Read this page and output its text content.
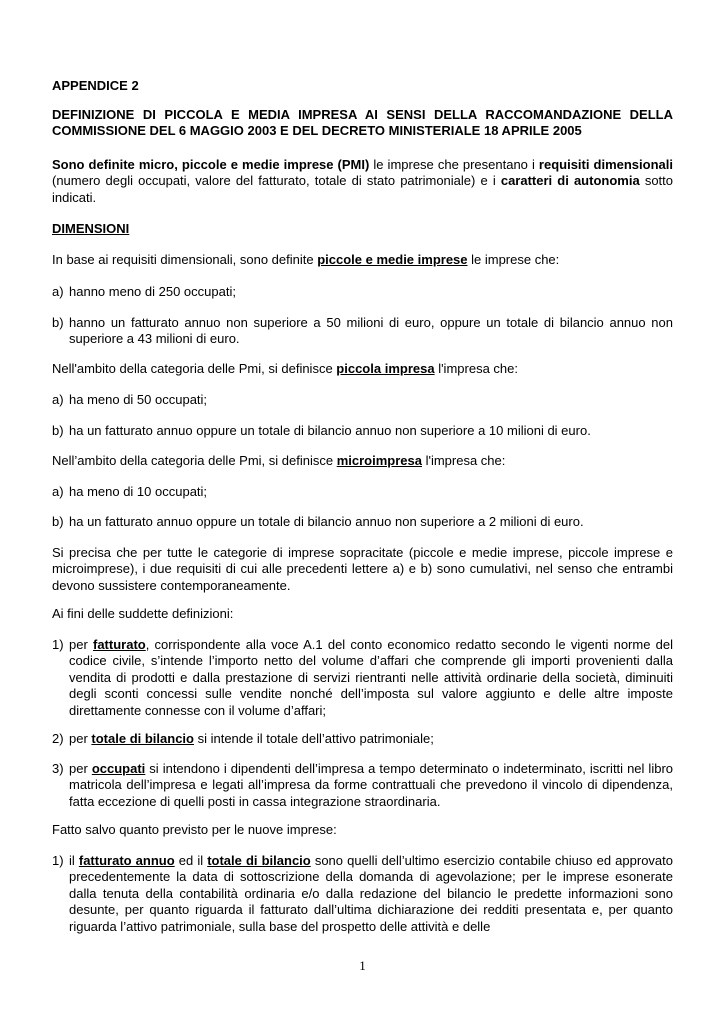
APPENDICE 2

DEFINIZIONE DI PICCOLA E MEDIA IMPRESA AI SENSI DELLA RACCOMANDAZIONE DELLA COMMISSIONE DEL 6 MAGGIO 2003 E DEL DECRETO MINISTERIALE 18 APRILE 2005

Sono definite micro, piccole e medie imprese (PMI) le imprese che presentano i requisiti dimensionali (numero degli occupati, valore del fatturato, totale di stato patrimoniale) e i caratteri di autonomia sotto indicati.

DIMENSIONI

In base ai requisiti dimensionali, sono definite piccole e medie imprese le imprese che:

a) hanno meno di 250 occupati;
b) hanno un fatturato annuo non superiore a 50 milioni di euro, oppure un totale di bilancio annuo non superiore a 43 milioni di euro.

Nell'ambito della categoria delle Pmi, si definisce piccola impresa l'impresa che:

a) ha meno di 50 occupati;
b) ha un fatturato annuo oppure un totale di bilancio annuo non superiore a 10 milioni di euro.

Nell’ambito della categoria delle Pmi, si definisce microimpresa l'impresa che:

a) ha meno di 10 occupati;
b) ha un fatturato annuo oppure un totale di bilancio annuo non superiore a 2 milioni di euro.

Si precisa che per tutte le categorie di imprese sopracitate (piccole e medie imprese, piccole imprese e microimprese), i due requisiti di cui alle precedenti lettere a) e b) sono cumulativi, nel senso che entrambi devono sussistere contemporaneamente.

Ai fini delle suddette definizioni:

1) per fatturato, corrispondente alla voce A.1 del conto economico redatto secondo le vigenti norme del codice civile, s’intende l’importo netto del volume d’affari che comprende gli importi provenienti dalla vendita di prodotti e dalla prestazione di servizi rientranti nelle attività ordinarie della società, diminuiti degli sconti concessi sulle vendite nonché dell’imposta sul valore aggiunto e delle altre imposte direttamente connesse con il volume d’affari;
2) per totale di bilancio si intende il totale dell’attivo patrimoniale;
3) per occupati si intendono i dipendenti dell’impresa a tempo determinato o indeterminato, iscritti nel libro matricola dell’impresa e legati all’impresa da forme contrattuali che prevedono il vincolo di dipendenza, fatta eccezione di quelli posti in cassa integrazione straordinaria.

Fatto salvo quanto previsto per le nuove imprese:

1) il fatturato annuo ed il totale di bilancio sono quelli dell’ultimo esercizio contabile chiuso ed approvato precedentemente la data di sottoscrizione della domanda di agevolazione; per le imprese esonerate dalla tenuta della contabilità ordinaria e/o dalla redazione del bilancio le predette informazioni sono desunte, per quanto riguarda il fatturato dall’ultima dichiarazione dei redditi presentata e, per quanto riguarda l’attivo patrimoniale, sulla base del prospetto delle attività e delle
1
